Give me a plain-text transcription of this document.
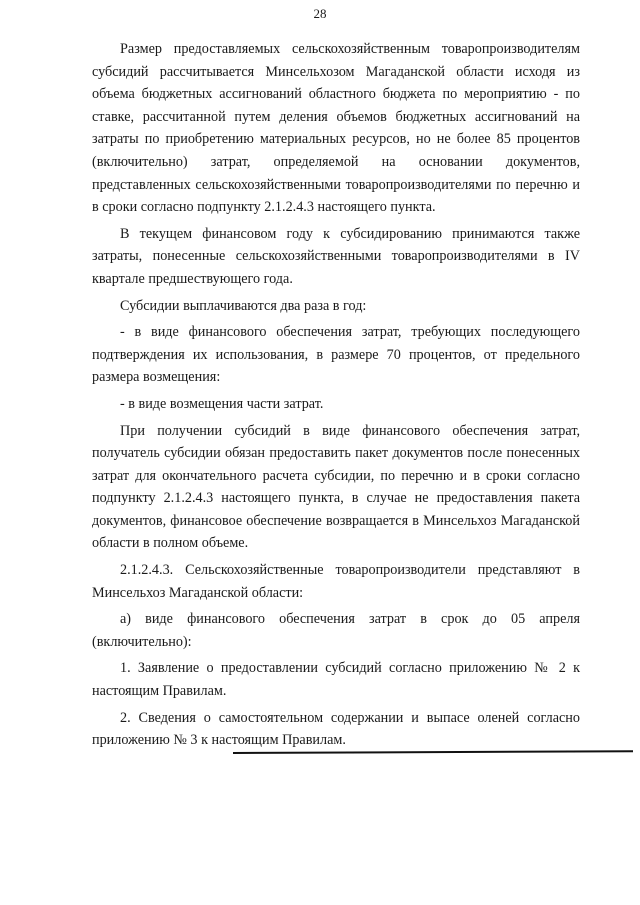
28

Размер предоставляемых сельскохозяйственным товаропроизводителям субсидий рассчитывается Минсельхозом Магаданской области исходя из объема бюджетных ассигнований областного бюджета по мероприятию - по ставке, рассчитанной путем деления объемов бюджетных ассигнований на затраты по приобретению материальных ресурсов, но не более 85 процентов (включительно) затрат, определяемой на основании документов, представленных сельскохозяйственными товаропроизводителями по перечню и в сроки согласно подпункту 2.1.2.4.3 настоящего пункта.

В текущем финансовом году к субсидированию принимаются также затраты, понесенные сельскохозяйственными товаропроизводителями в IV квартале предшествующего года.

Субсидии выплачиваются два раза в год:

- в виде финансового обеспечения затрат, требующих последующего подтверждения их использования, в размере 70 процентов, от предельного размера возмещения:

- в виде возмещения части затрат.

При получении субсидий в виде финансового обеспечения затрат, получатель субсидии обязан предоставить пакет документов после понесенных затрат для окончательного расчета субсидии, по перечню и в сроки согласно подпункту 2.1.2.4.3 настоящего пункта, в случае не предоставления пакета документов, финансовое обеспечение возвращается в Минсельхоз Магаданской области в полном объеме.

2.1.2.4.3. Сельскохозяйственные товаропроизводители представляют в Минсельхоз Магаданской области:

а) виде финансового обеспечения затрат в срок до 05 апреля (включительно):

1. Заявление о предоставлении субсидий согласно приложению № 2 к настоящим Правилам.

2. Сведения о самостоятельном содержании и выпасе оленей согласно приложению № 3 к настоящим Правилам.
